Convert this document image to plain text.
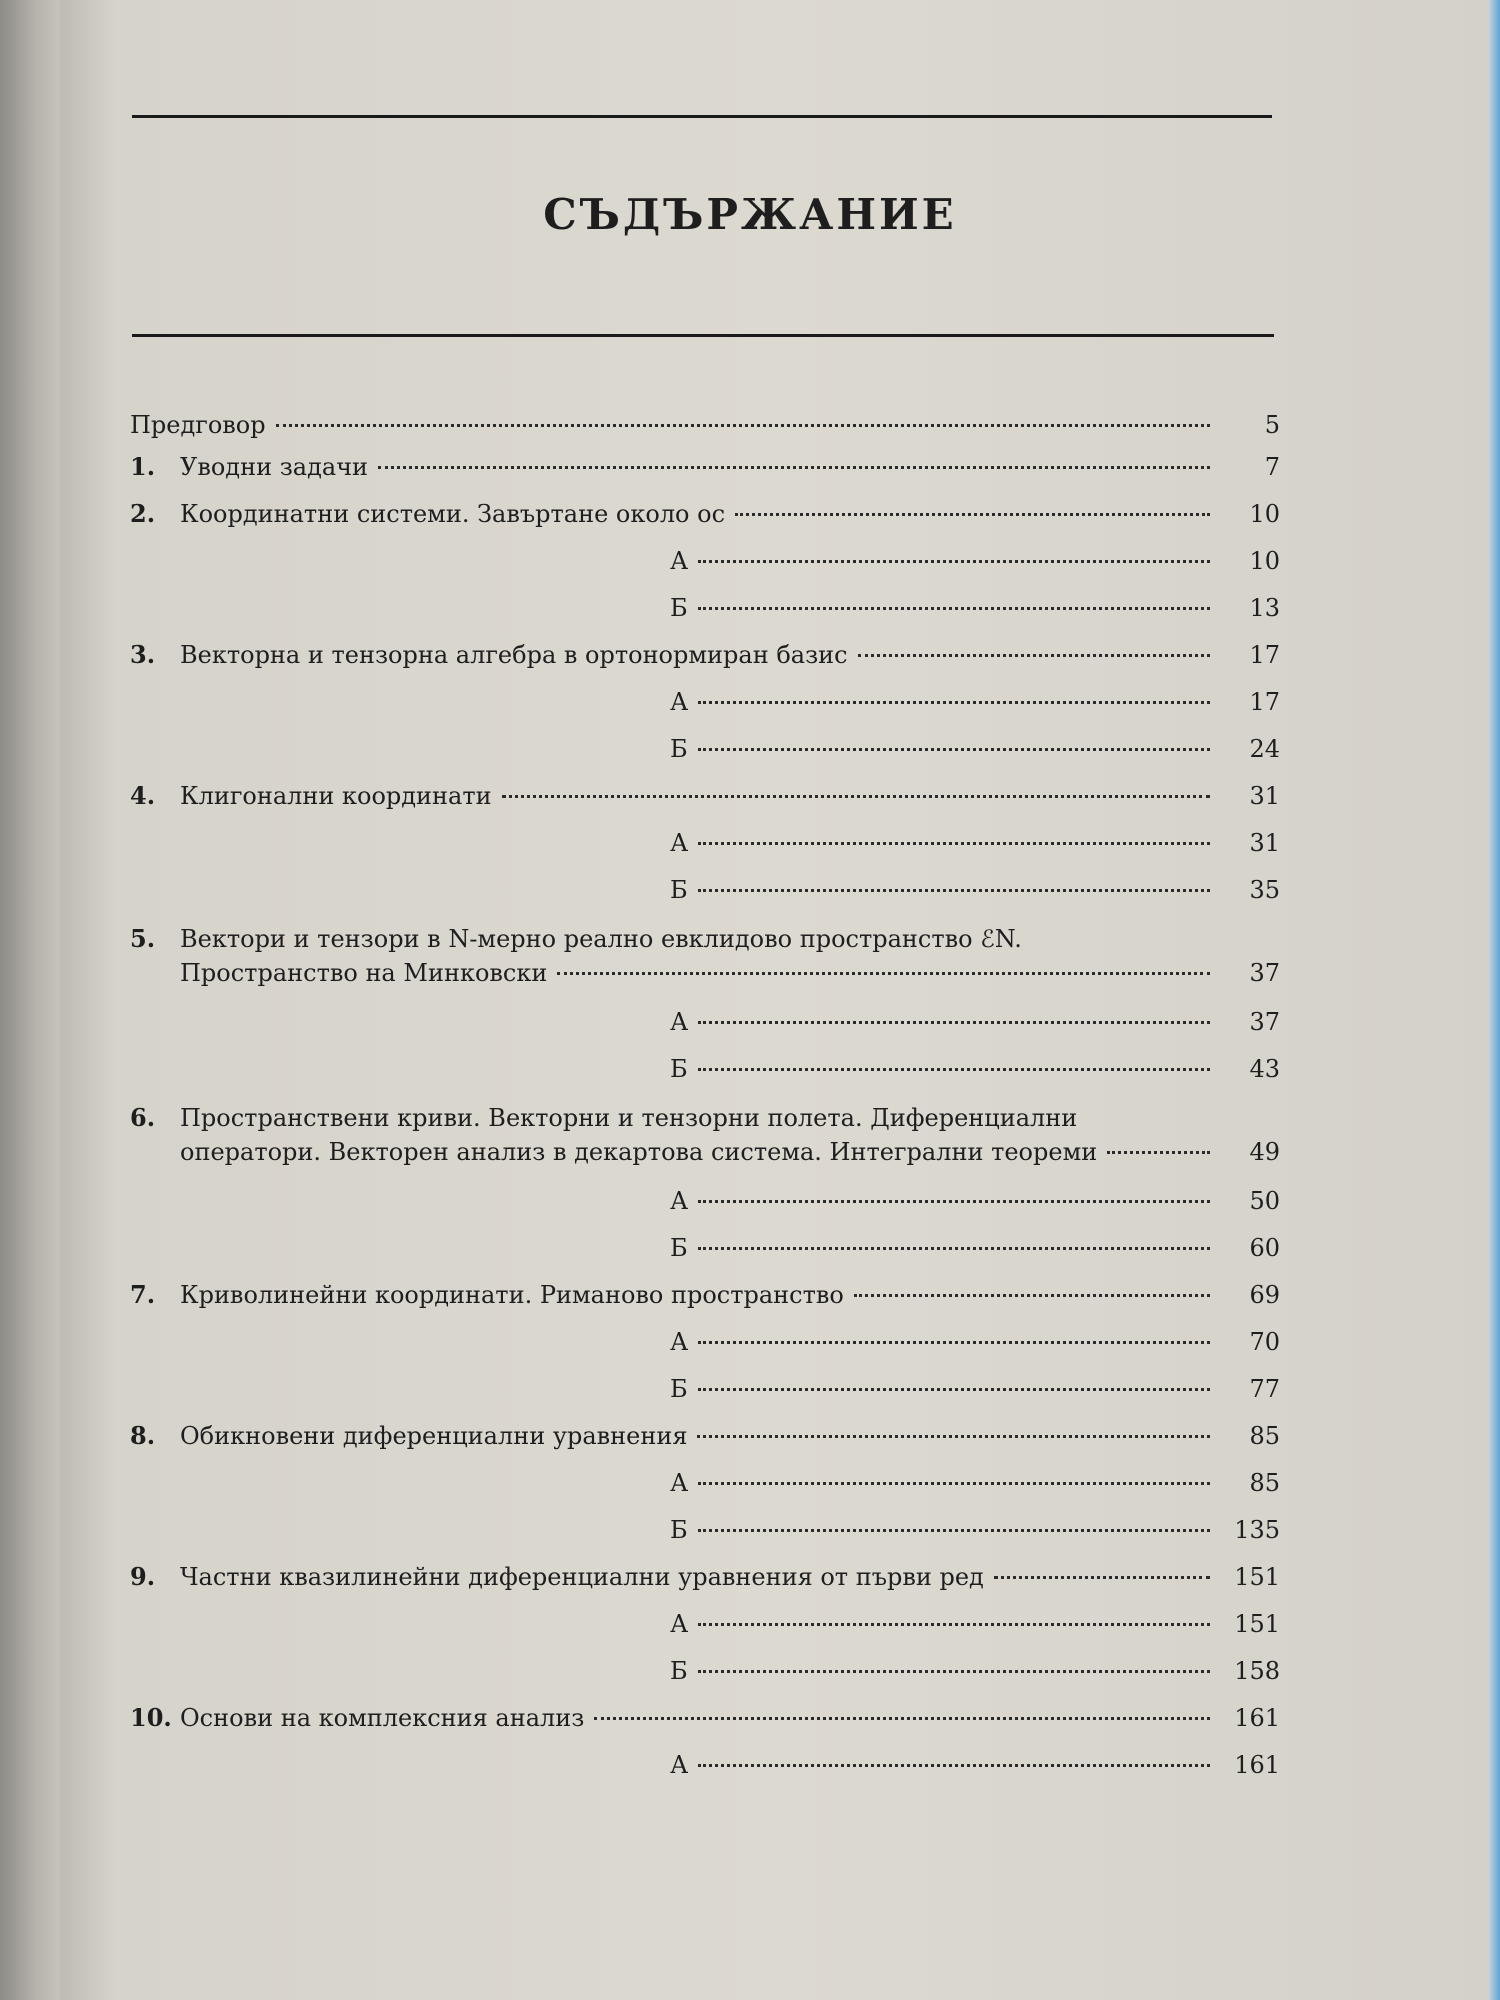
СЪДЪРЖАНИЕ
Предговор	5
1.	Уводни задачи	7
2.	Координатни системи. Завъртане около ос	10
А	10
Б	13
3.	Векторна и тензорна алгебра в ортонормиран базис	17
А	17
Б	24
4.	Клигонални координати	31
А	31
Б	35
5.	Вектори и тензори в N-мерно реално евклидово пространство ℰN.
Пространство на Минковски	37
А	37
Б	43
6.	Пространствени криви. Векторни и тензорни полета. Диференциални
оператори. Векторен анализ в декартова система. Интегрални теореми	49
А	50
Б	60
7.	Криволинейни координати. Риманово пространство	69
А	70
Б	77
8.	Обикновени диференциални уравнения	85
А	85
Б	135
9.	Частни квазилинейни диференциални уравнения от първи ред	151
А	151
Б	158
10. Основи на комплексния анализ	161
А	161
